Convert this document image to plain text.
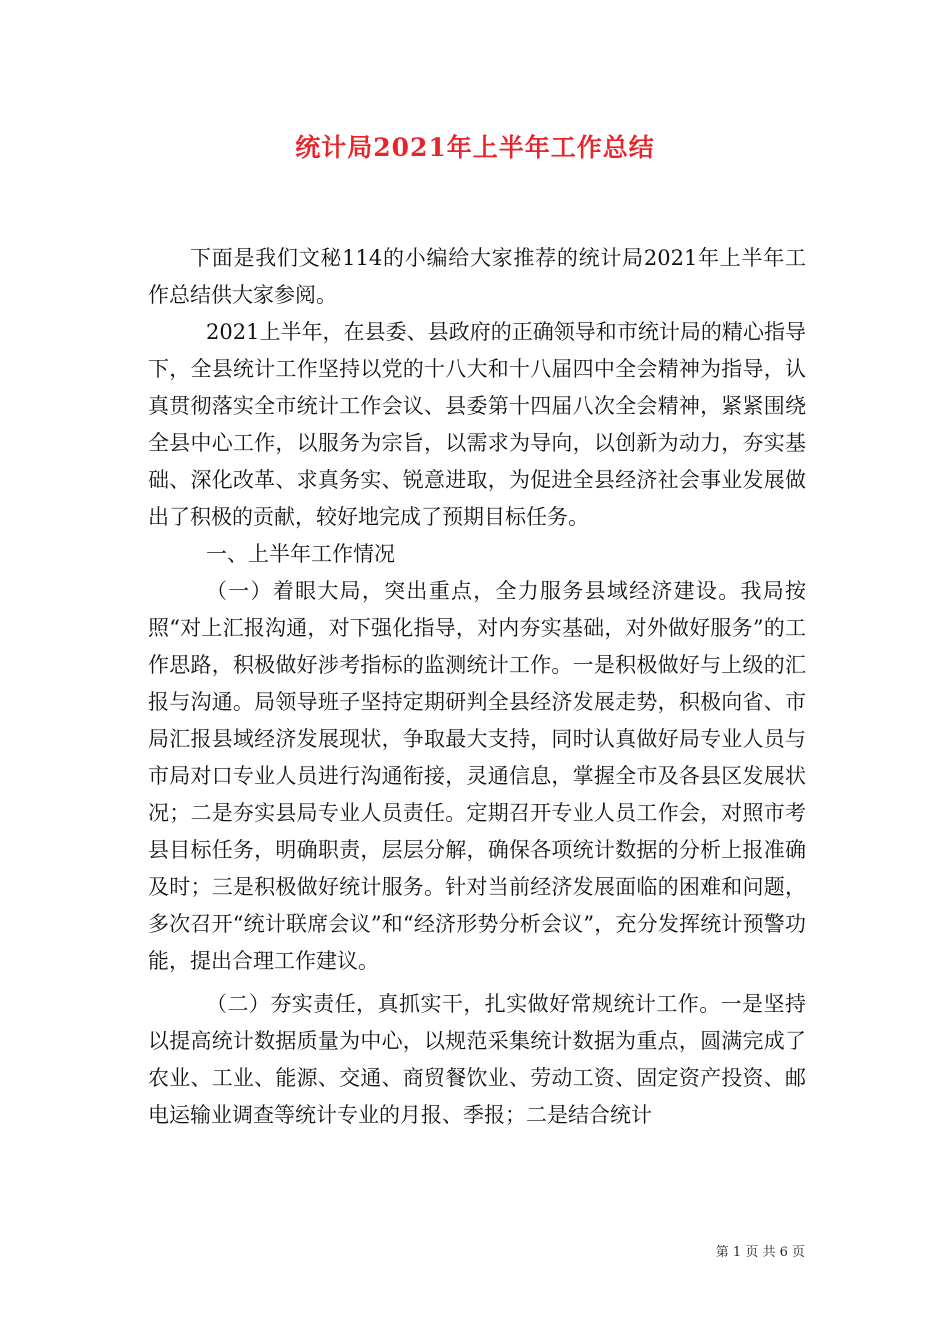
统计局2021年上半年工作总结

下面是我们文秘114的小编给大家推荐的统计局2021年上半年工作总结供大家参阅。

2021上半年，在县委、县政府的正确领导和市统计局的精心指导下，全县统计工作坚持以党的十八大和十八届四中全会精神为指导，认真贯彻落实全市统计工作会议、县委第十四届八次全会精神，紧紧围绕全县中心工作，以服务为宗旨，以需求为导向，以创新为动力，夯实基础、深化改革、求真务实、锐意进取，为促进全县经济社会事业发展做出了积极的贡献，较好地完成了预期目标任务。

一、上半年工作情况

（一）着眼大局，突出重点，全力服务县域经济建设。我局按照“对上汇报沟通，对下强化指导，对内夯实基础，对外做好服务”的工作思路，积极做好涉考指标的监测统计工作。一是积极做好与上级的汇报与沟通。局领导班子坚持定期研判全县经济发展走势，积极向省、市局汇报县域经济发展现状，争取最大支持，同时认真做好局专业人员与市局对口专业人员进行沟通衔接，灵通信息，掌握全市及各县区发展状况；二是夯实县局专业人员责任。定期召开专业人员工作会，对照市考县目标任务，明确职责，层层分解，确保各项统计数据的分析上报准确及时；三是积极做好统计服务。针对当前经济发展面临的困难和问题，多次召开“统计联席会议”和“经济形势分析会议”，充分发挥统计预警功能，提出合理工作建议。

（二）夯实责任，真抓实干，扎实做好常规统计工作。一是坚持以提高统计数据质量为中心，以规范采集统计数据为重点，圆满完成了农业、工业、能源、交通、商贸餐饮业、劳动工资、固定资产投资、邮电运输业调查等统计专业的月报、季报；二是结合统计

第 1 页 共 6 页
